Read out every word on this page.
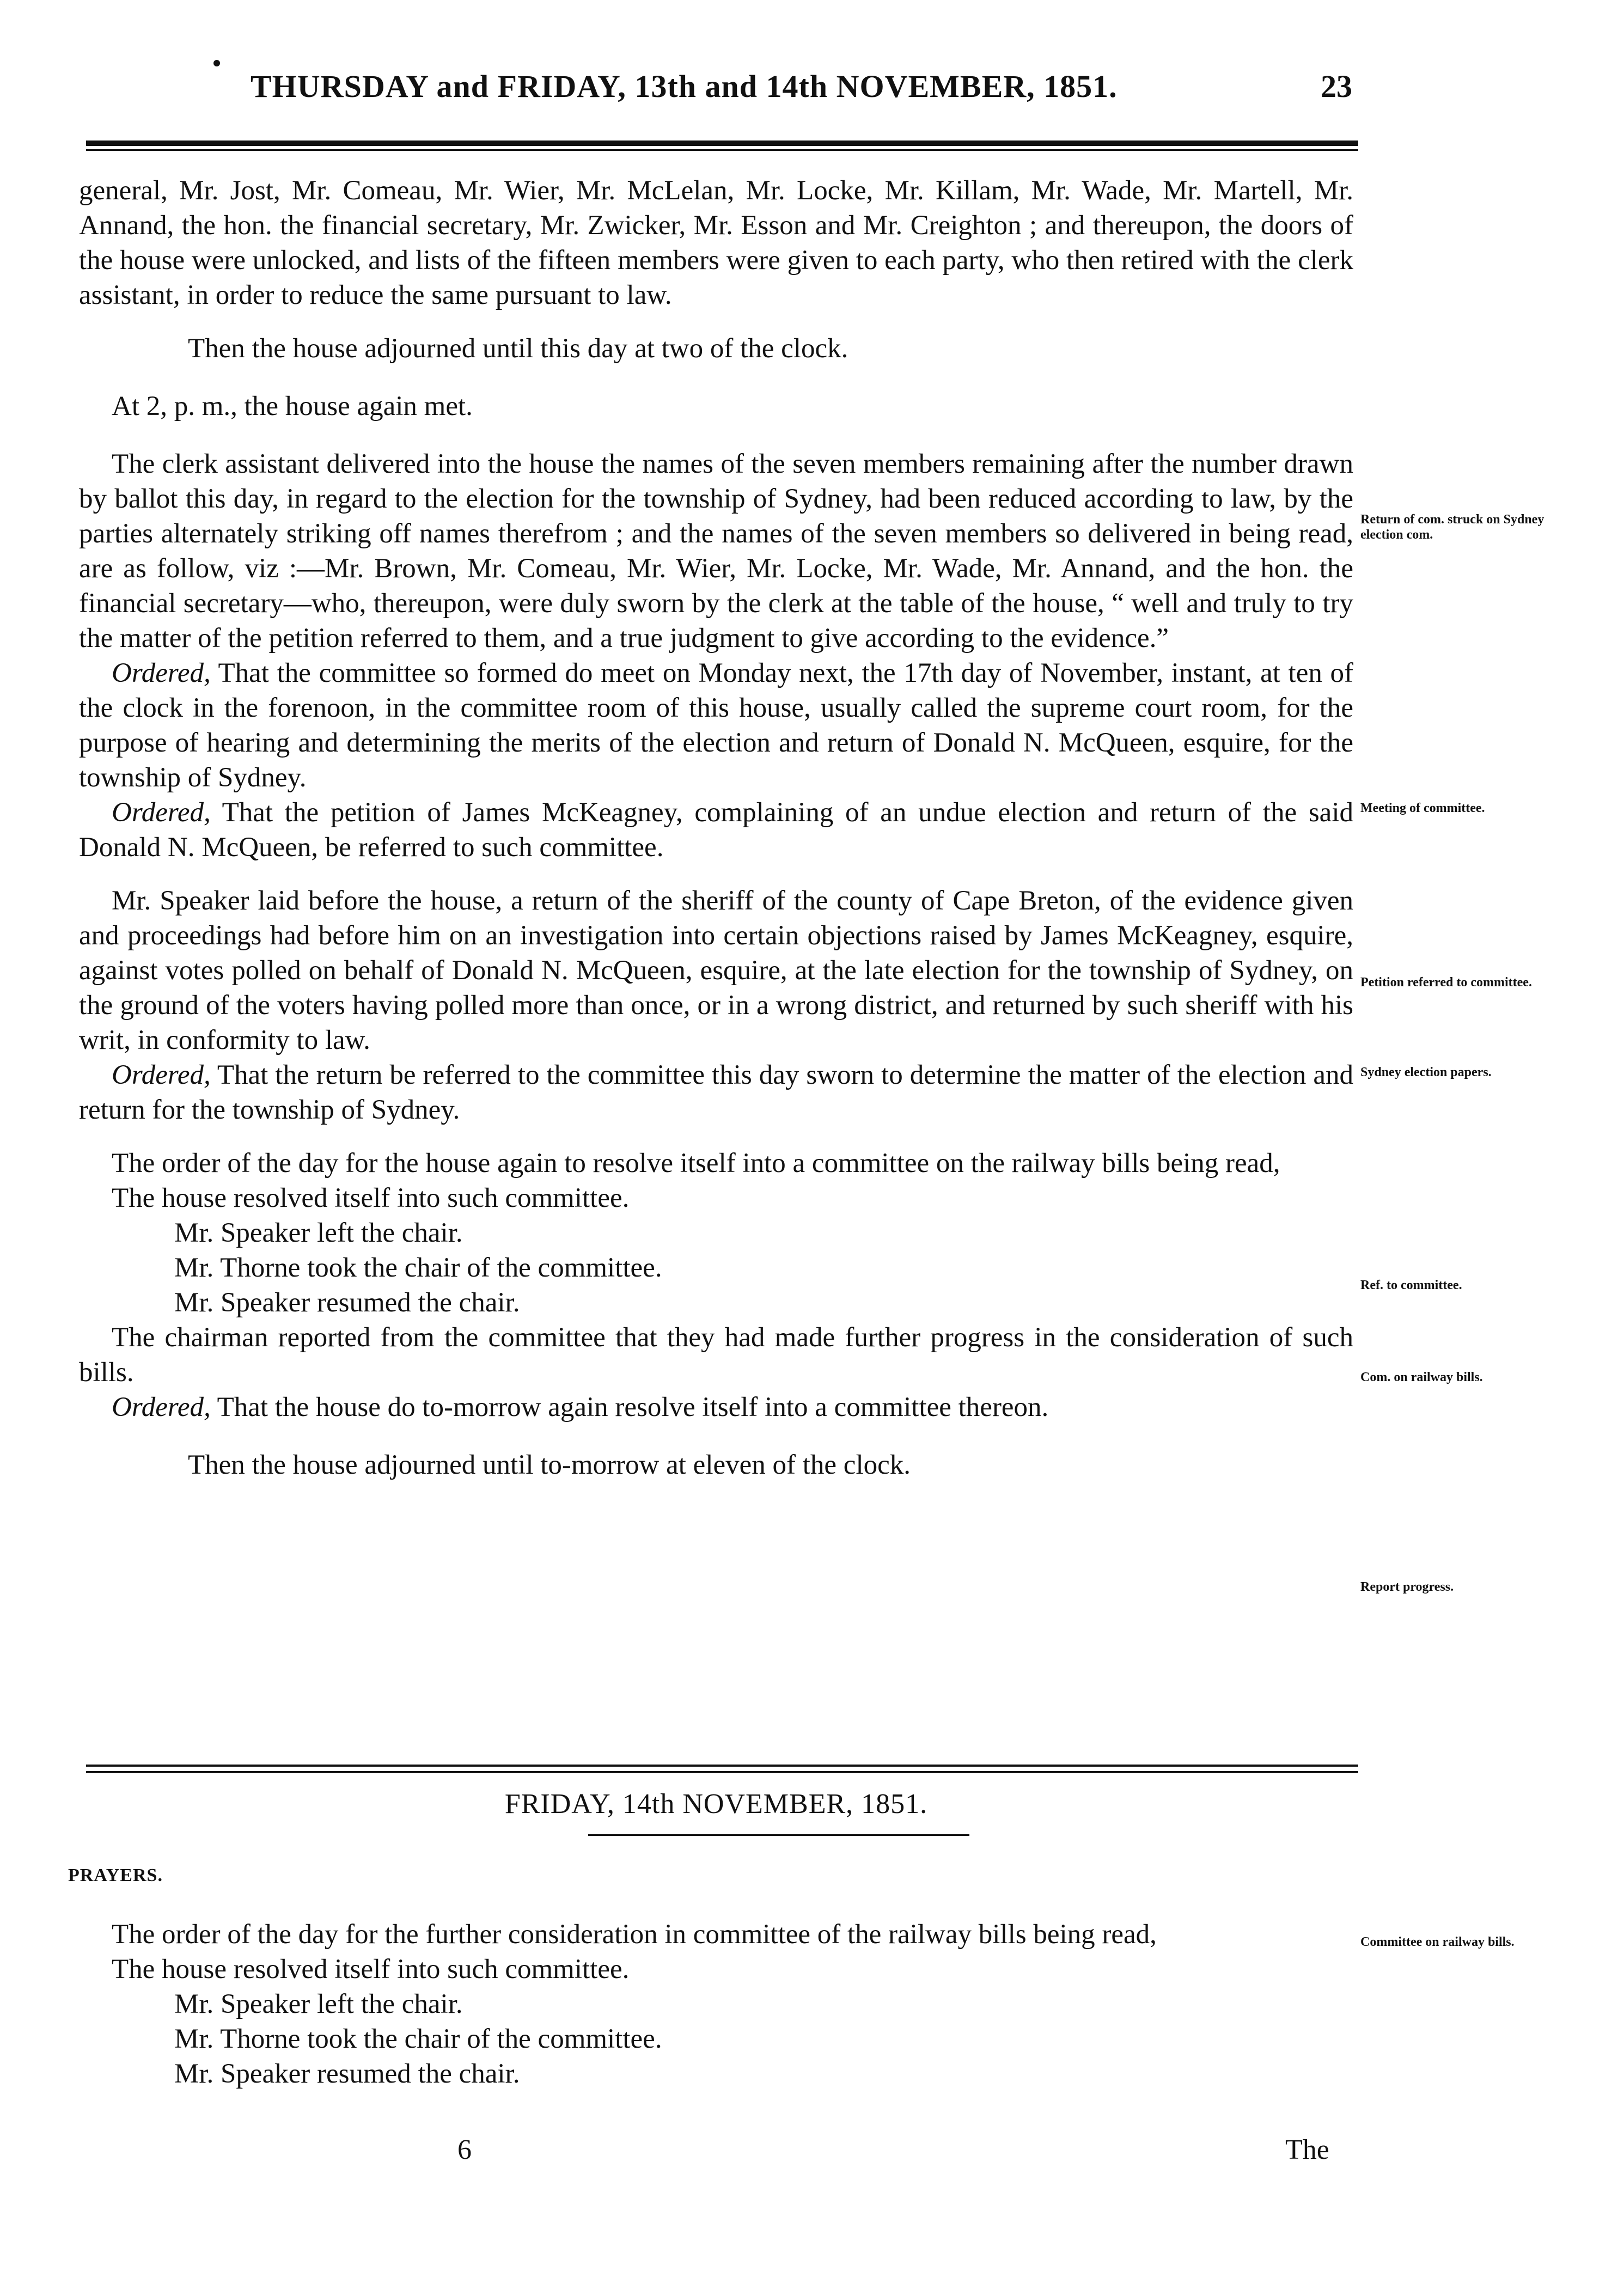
THURSDAY and FRIDAY, 13th and 14th NOVEMBER, 1851.	23

general, Mr. Jost, Mr. Comeau, Mr. Wier, Mr. McLelan, Mr. Locke, Mr. Killam, Mr. Wade, Mr. Martell, Mr. Annand, the hon. the financial secretary, Mr. Zwicker, Mr. Esson and Mr. Creighton ; and thereupon, the doors of the house were unlocked, and lists of the fifteen members were given to each party, who then retired with the clerk assistant, in order to reduce the same pursuant to law.

Then the house adjourned until this day at two of the clock.

At 2, p. m., the house again met.

The clerk assistant delivered into the house the names of the seven members remaining after the number drawn by ballot this day, in regard to the election for the township of Sydney, had been reduced according to law, by the parties alternately striking off names therefrom ; and the names of the seven members so delivered in being read, are as follow, viz :—Mr. Brown, Mr. Comeau, Mr. Wier, Mr. Locke, Mr. Wade, Mr. Annand, and the hon. the financial secretary—who, thereupon, were duly sworn by the clerk at the table of the house, “ well and truly to try the matter of the petition referred to them, and a true judgment to give according to the evidence.”

Ordered, That the committee so formed do meet on Monday next, the 17th day of November, instant, at ten of the clock in the forenoon, in the committee room of this house, usually called the supreme court room, for the purpose of hearing and determining the merits of the election and return of Donald N. McQueen, esquire, for the township of Sydney.

Ordered, That the petition of James McKeagney, complaining of an undue election and return of the said Donald N. McQueen, be referred to such committee.

Mr. Speaker laid before the house, a return of the sheriff of the county of Cape Breton, of the evidence given and proceedings had before him on an investigation into certain objections raised by James McKeagney, esquire, against votes polled on behalf of Donald N. McQueen, esquire, at the late election for the township of Sydney, on the ground of the voters having polled more than once, or in a wrong district, and returned by such sheriff with his writ, in conformity to law.

Ordered, That the return be referred to the committee this day sworn to determine the matter of the election and return for the township of Sydney.

The order of the day for the house again to resolve itself into a committee on the railway bills being read,

The house resolved itself into such committee.

Mr. Speaker left the chair.

Mr. Thorne took the chair of the committee.

Mr. Speaker resumed the chair.

The chairman reported from the committee that they had made further progress in the consideration of such bills.

Ordered, That the house do to-morrow again resolve itself into a committee thereon.

Then the house adjourned until to-morrow at eleven of the clock.

Return of com. struck on Sydney election com.
Meeting of committee.
Petition referred to committee.
Sydney election papers.
Ref. to committee.
Com. on railway bills.
Report progress.
Committee on railway bills.
FRIDAY, 14th NOVEMBER, 1851.
PRAYERS.

The order of the day for the further consideration in committee of the railway bills being read,

The house resolved itself into such committee.

Mr. Speaker left the chair.

Mr. Thorne took the chair of the committee.

Mr. Speaker resumed the chair.

6	The
